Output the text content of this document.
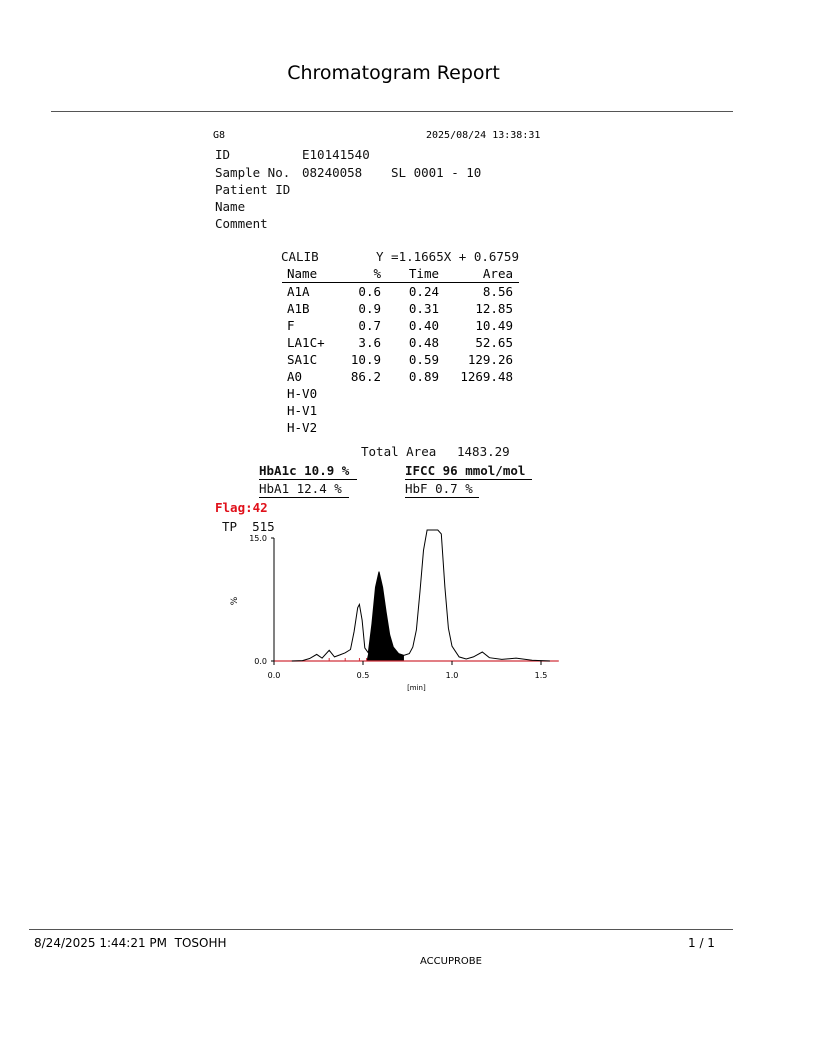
Chromatogram Report
G8	2025/08/24 13:38:31
ID	E10141540
Sample No. 08240058 SL 0001 - 10
Patient ID
Name
Comment
CALIB	Y =1.1665X + 0.6759
Name	%	Time	Area
A1A	0.6	0.24	8.56
A1B	0.9	0.31	12.85
F	0.7	0.40	10.49
LA1C+	3.6	0.48	52.65
SA1C	10.9	0.59	129.26
A0	86.2	0.89	1269.48
H-V0			
H-V1			
H-V2			
Total Area 1483.29
HbA1c 10.9 %	IFCC 96 mmol/mol
HbA1 12.4 %	HbF 0.7 %
Flag:42
TP  515
0.0	0.5	1.0	1.5
15.0
0.0
[min]
%
8/24/2025 1:44:21 PM  TOSOHH	1 / 1
ACCUPROBE
